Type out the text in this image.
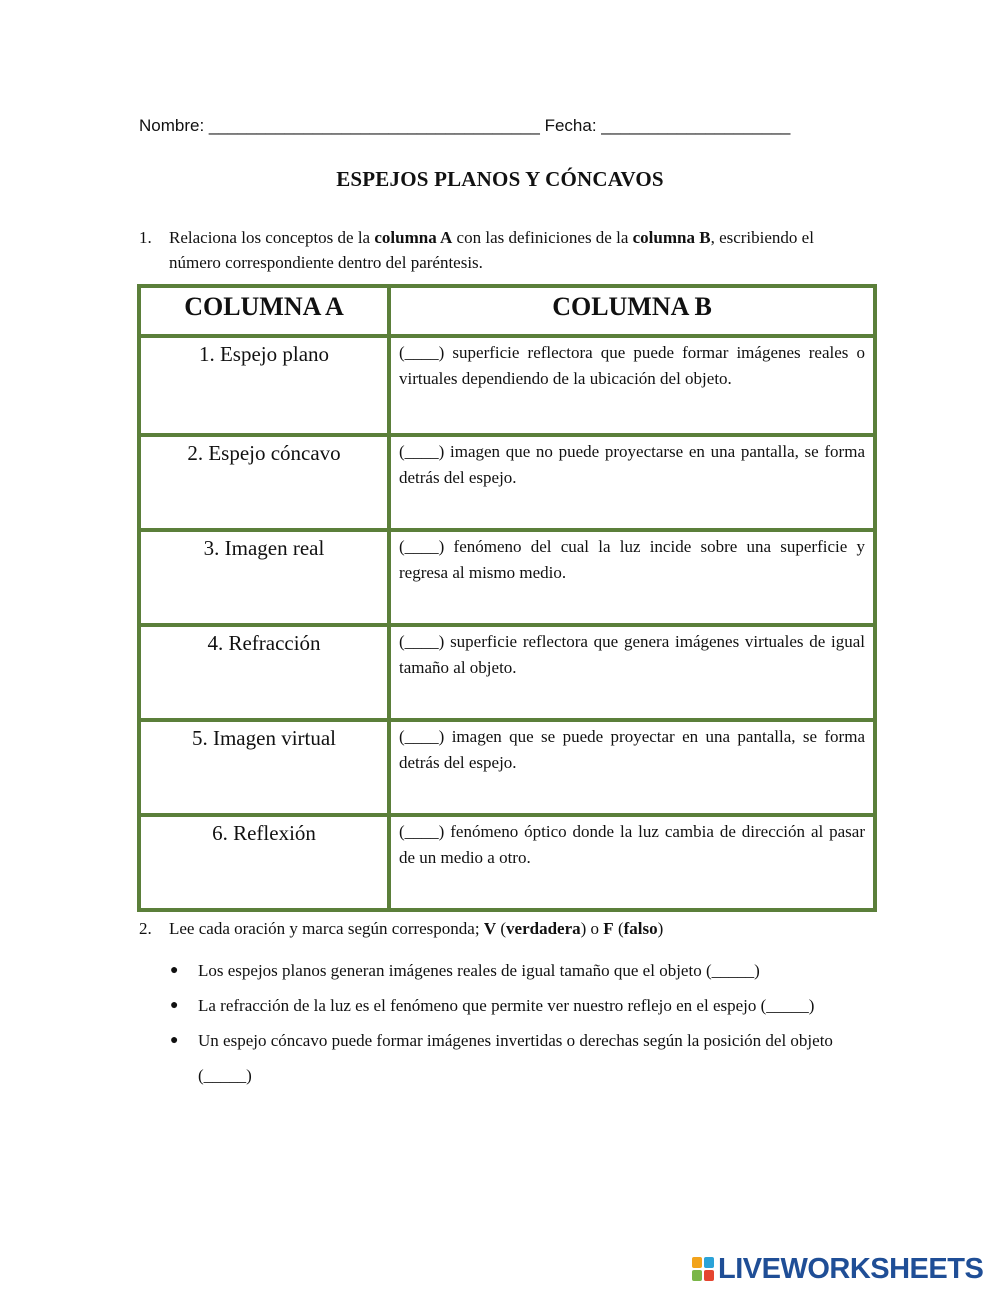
Nombre: ___________________________________ Fecha: ____________________
ESPEJOS PLANOS Y CÓNCAVOS
1. Relaciona los conceptos de la columna A con las definiciones de la columna B, escribiendo el número correspondiente dentro del paréntesis.
COLUMNA A	COLUMNA B
1. Espejo plano	(____) superficie reflectora que puede formar imágenes reales o virtuales dependiendo de la ubicación del objeto.
2. Espejo cóncavo	(____) imagen que no puede proyectarse en una pantalla, se forma detrás del espejo.
3. Imagen real	(____) fenómeno del cual la luz incide sobre una superficie y regresa al mismo medio.
4. Refracción	(____) superficie reflectora que genera imágenes virtuales de igual tamaño al objeto.
5. Imagen virtual	(____) imagen que se puede proyectar en una pantalla, se forma detrás del espejo.
6. Reflexión	(____) fenómeno óptico donde la luz cambia de dirección al pasar de un medio a otro.
2. Lee cada oración y marca según corresponda; V (verdadera) o F (falso)
● Los espejos planos generan imágenes reales de igual tamaño que el objeto (_____)
● La refracción de la luz es el fenómeno que permite ver nuestro reflejo en el espejo (_____)
● Un espejo cóncavo puede formar imágenes invertidas o derechas según la posición del objeto (_____)
LIVEWORKSHEETS
